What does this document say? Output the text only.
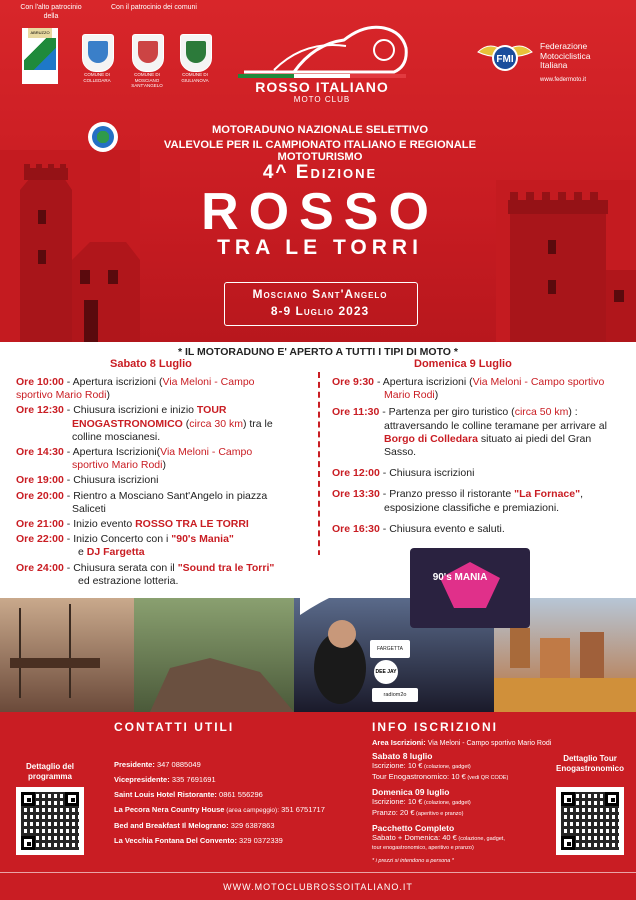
Con l'alto patrocinio della
ABRUZZO
Con il patrocinio dei comuni
COMUNE DI COLLEDARA
COMUNE DI MOSCIANO SANT'ANGELO
COMUNE DI GIULIANOVA	ROSSO ITALIANO
MOTO CLUB
FMI
Federazione
Motociclistica
Italiana
www.federmoto.it
MOTORADUNO NAZIONALE SELETTIVO
VALEVOLE PER IL CAMPIONATO ITALIANO E REGIONALE MOTOTURISMO
4^ Edizione
ROSSO
TRA LE TORRI
Mosciano Sant'Angelo
8-9 Luglio 2023
* IL MOTORADUNO E' APERTO A TUTTI I TIPI DI MOTO *
Sabato 8 Luglio	Domenica 9 Luglio
Ore 10:00 - Apertura iscrizioni (Via Meloni - Campo sportivo Mario Rodi)
Ore 12:30 - Chiusura iscrizioni e inizio TOUR ENOGASTRONOMICO (circa 30 km) tra le colline moscianesi.
Ore 14:30 - Apertura Iscrizioni(Via Meloni - Campo sportivo Mario Rodi)
Ore 19:00 - Chiusura iscrizioni
Ore 20:00 - Rientro a Mosciano Sant'Angelo in piazza Saliceti
Ore 21:00 - Inizio evento ROSSO TRA LE TORRI
Ore 22:00 - Inizio Concerto con i "90's Mania"
e DJ Fargetta
Ore 24:00 - Chiusura serata con il "Sound tra le Torri"
ed estrazione lotteria.
Ore 9:30 - Apertura iscrizioni (Via Meloni - Campo sportivo Mario Rodi)
Ore 11:30 - Partenza per giro turistico (circa 50 km) : attraversando le colline teramane per arrivare al Borgo di Colledara situato ai piedi del Gran Sasso.
Ore 12:00 - Chiusura iscrizioni
Ore 13:30 - Pranzo presso il ristorante "La Fornace", esposizione classifiche e premiazioni.
Ore 16:30 - Chiusura evento e saluti.
90's MANIA
FARGETTA
DEE JAY
radiom2o
CONTATTI UTILI	INFO ISCRIZIONI
Dettaglio del programma
Presidente: 347 0885049
Vicepresidente: 335 7691691
Saint Louis Hotel Ristorante: 0861 556296
La Pecora Nera Country House (area campeggio): 351 6751717
Bed and Breakfast Il Melograno: 329 6387863
La Vecchia Fontana Del Convento: 329 0372339
Area Iscrizioni: Via Meloni - Campo sportivo Mario Rodi
Sabato 8 luglio
Iscrizione: 10 € (colazione, gadget)
Tour Enogastronomico: 10 € (vedi QR CODE)
Domenica 09 luglio
Iscrizione: 10 € (colazione, gadget)
Pranzo: 20 € (aperitivo e pranzo)
Pacchetto Completo
Sabato + Domenica: 40 € (colazione, gadget,
tour enogastronomico, aperitivo e pranzo)
* i prezzi si intendono a persona *
Dettaglio Tour Enogastronomico
WWW.MOTOCLUBROSSOITALIANO.IT
